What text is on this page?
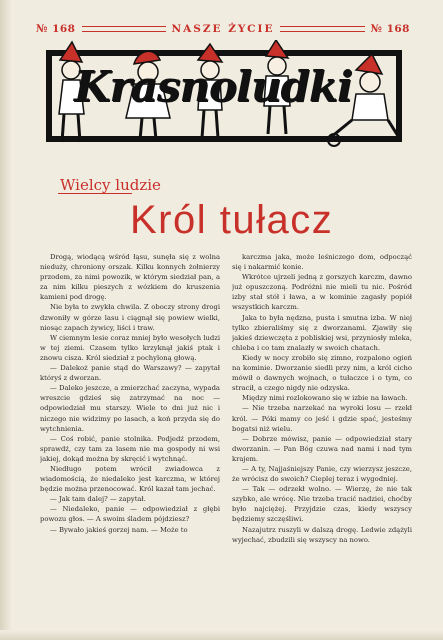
№ 168	NASZE ŻYCIE	№ 168
Krasnoludki
Wielcy ludzie
Król tułacz

Drogą, wiodącą wśród łąsu, sunęła się z wolna nieduży, chroniony orszak. Kilku konnych żołnierzy przodem, za nimi powozik, w którym siedział pan, a za nim kilku pieszych z wózkiem do kruszenia kamieni pod drogę.

Nie była to zwykła chwila. Z oboczy strony drogi dzwoniły w górze lasu i ciągnął się powiew wielki, niosąc zapach żywicy, liści i traw.

W ciemnym lesie coraz mniej było wesołych ludzi w tej ziemi. Czasem tylko krzyknął jakiś ptak i znowu cisza. Król siedział z pochyloną głową.

— Dalekoż panie stąd do Warszawy? — zapytał któryś z dworzan.

— Daleko jeszcze, a zmierzchać zaczyna, wypada wreszcie gdzieś się zatrzymać na noc — odpowiedział mu starszy. Wiele to dni już nic i niczego nie widzimy po lasach, a koń przyda się do wytchnienia.

— Coś robić, panie stolnika. Podjedź przodem, sprawdź, czy tam za lasem nie ma gospody ni wsi jakiej, dokąd można by skręcić i wytchnąć.

Niedługo potem wrócił zwiadowca z wiadomością, że niedaleko jest karczma, w której będzie można przenocować. Król kazał tam jechać.

— Jak tam dalej? — zapytał.

— Niedaleko, panie — odpowiedział z głębi powozu głos. — A swoim śladem pójdziesz?

— Bywało jakieś gorzej nam. — Może to

karczma jaka, może leśniczego dom, odpocząć się i nakarmić konie.

Wkrótce ujrzeli jedną z gorszych karczm, dawno już opuszczoną. Podróżni nie mieli tu nic. Pośród izby stał stół i ława, a w kominie zagasły popiół wszystkich karczm.

Jaka to była nędzna, pusta i smutna izba. W niej tylko zbieraliśmy się z dworzanami. Zjawiły się jakieś dziewczęta z pobliskiej wsi, przyniosły mleka, chleba i co tam znalazły w swoich chatach.

Kiedy w nocy zrobiło się zimno, rozpalono ogień na kominie. Dworzanie siedli przy nim, a król cicho mówił o dawnych wojnach, o tułaczce i o tym, co stracił, a czego nigdy nie odzyska.

Między nimi rozlokowano się w izbie na ławach.

— Nie trzeba narzekać na wyroki losu — rzekł król. — Póki mamy co jeść i gdzie spać, jesteśmy bogatsi niż wielu.

— Dobrze mówisz, panie — odpowiedział stary dworzanin. — Pan Bóg czuwa nad nami i nad tym krajem.

— A ty, Najjaśniejszy Panie, czy wierzysz jeszcze, że wrócisz do swoich? Cieplej teraz i wygodniej.

— Tak — odrzekł wolno. — Wierzę, że nie tak szybko, ale wrócę. Nie trzeba tracić nadziei, choćby było najciężej. Przyjdzie czas, kiedy wszyscy będziemy szczęśliwi.

Nazajutrz ruszyli w dalszą drogę. Ledwie zdążyli wyjechać, zbudzili się wszyscy na nowo.
